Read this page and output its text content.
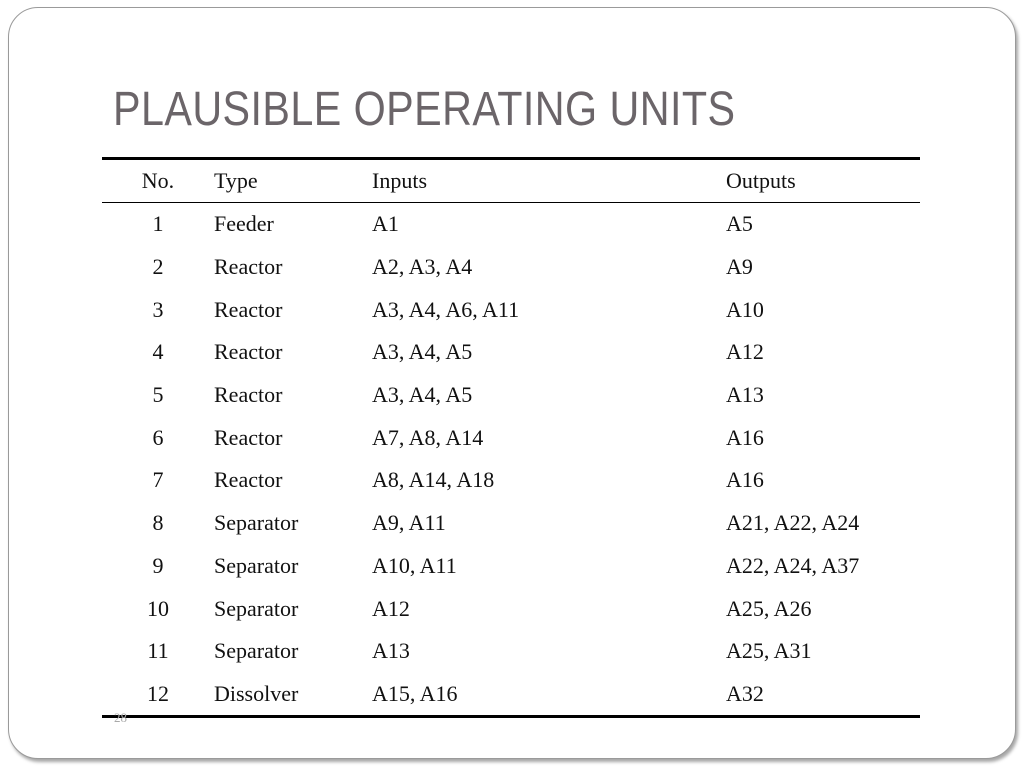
PLAUSIBLE OPERATING UNITS
No.	Type	Inputs	Outputs
1	Feeder	A1	A5
2	Reactor	A2, A3, A4	A9
3	Reactor	A3, A4, A6, A11	A10
4	Reactor	A3, A4, A5	A12
5	Reactor	A3, A4, A5	A13
6	Reactor	A7, A8, A14	A16
7	Reactor	A8, A14, A18	A16
8	Separator	A9, A11	A21, A22, A24
9	Separator	A10, A11	A22, A24, A37
10	Separator	A12	A25, A26
11	Separator	A13	A25, A31
12	Dissolver	A15, A16	A32
28
